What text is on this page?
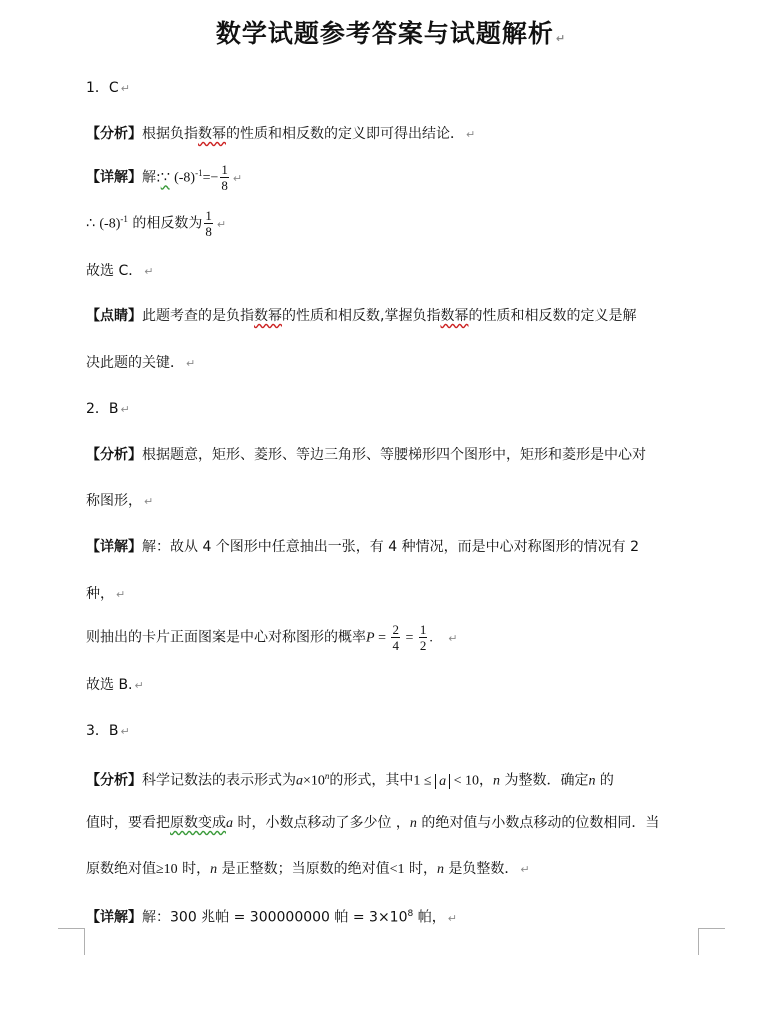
数学试题参考答案与试题解析 ↵
1．C ↵
【分析】根据负指数幂的性质和相反数的定义即可得出结论． ↵
【详解】解:∵ $(-8)^{-1}=- \frac{1}{8}$ ↵
∴ $(-8)^{-1}$ 的相反数为 $\frac{1}{8}$ ↵
故选 C． ↵
【点睛】此题考查的是负指数幂的性质和相反数,掌握负指数幂的性质和相反数的定义是解
决此题的关键． ↵
2．B ↵
【分析】根据题意，矩形、菱形、等边三角形、等腰梯形四个图形中，矩形和菱形是中心对
称图形， ↵
【详解】解：故从 4 个图形中任意抽出一张，有 4 种情况，而是中心对称图形的情况有 2
种， ↵
则抽出的卡片正面图案是中心对称图形的概率$P = \frac{2}{4} = \frac{1}{2}$ . ↵
故选 B. ↵
3．B ↵
【分析】科学记数法的表示形式为$a\times 10^n$的形式，其中1 ≤ a < 10，n 为整数．确定n 的
值时，要看把原数变成a 时，小数点移动了多少位 ，n 的绝对值与小数点移动的位数相同．当
原数绝对值≥10 时，n 是正整数；当原数的绝对值<1 时，n 是负整数． ↵
【详解】解：300 兆帕 = 300000000 帕 = $3\times 10^8$ 帕， ↵
